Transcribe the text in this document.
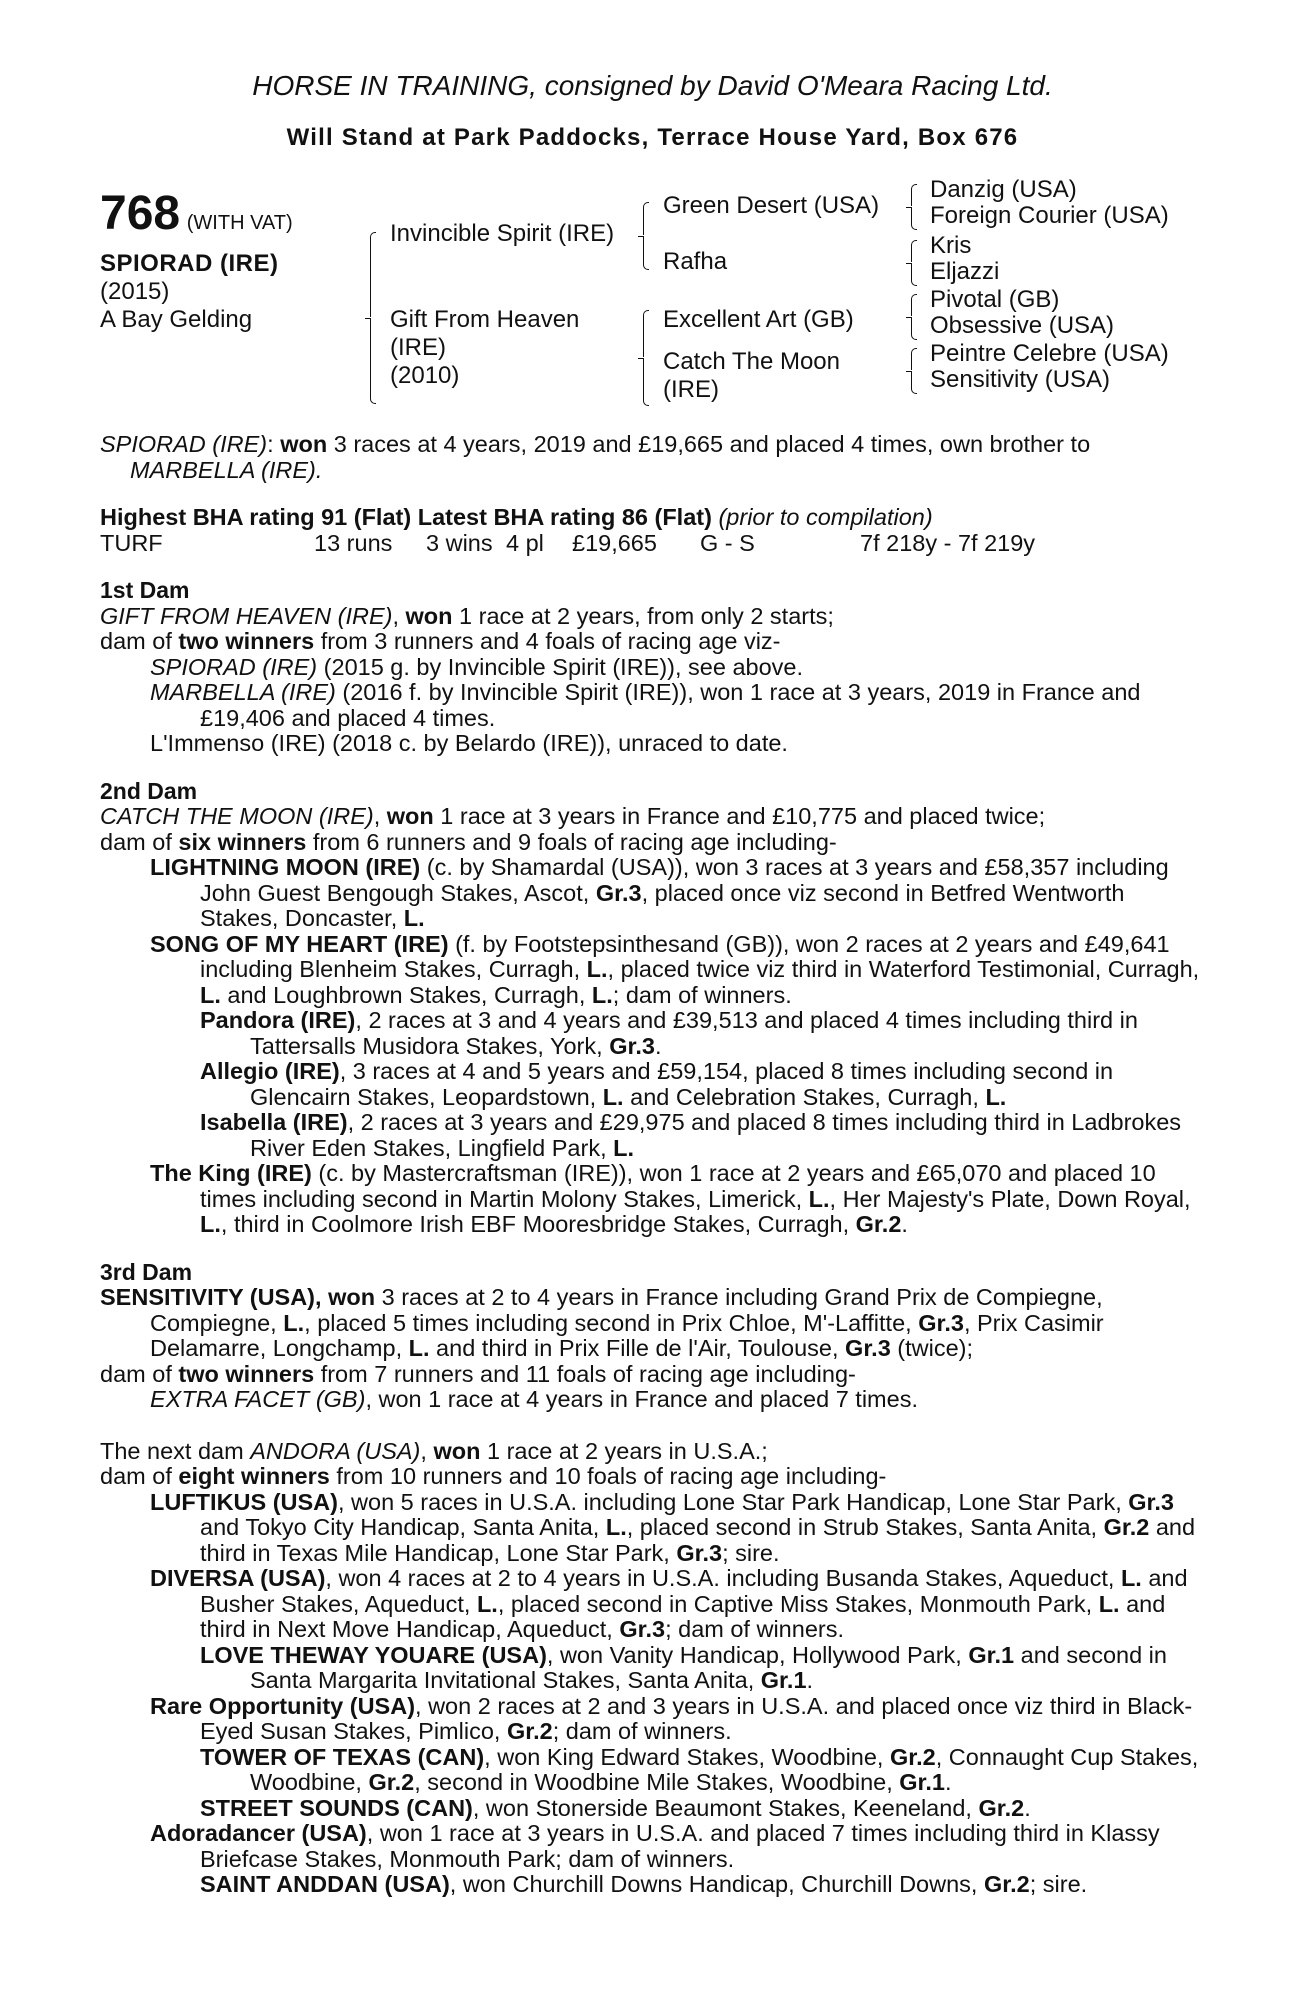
HORSE IN TRAINING, consigned by David O'Meara Racing Ltd.

Will Stand at Park Paddocks, Terrace House Yard, Box 676

768 (WITH VAT)
SPIORAD (IRE)
(2015)
A Bay Gelding
Invincible Spirit (IRE)
Gift From Heaven
(IRE)
(2010)
Green Desert (USA)
Rafha
Excellent Art (GB)
Catch The Moon
(IRE)
Danzig (USA)
Foreign Courier (USA)
Kris
Eljazzi
Pivotal (GB)
Obsessive (USA)
Peintre Celebre (USA)
Sensitivity (USA)

SPIORAD (IRE): won 3 races at 4 years, 2019 and £19,665 and placed 4 times, own brother to MARBELLA (IRE).

Highest BHA rating 91 (Flat) Latest BHA rating 86 (Flat) (prior to compilation)

TURF	13 runs	3 wins 4 pl	£19,665	G - S	7f 218y - 7f 219y

1st Dam

GIFT FROM HEAVEN (IRE), won 1 race at 2 years, from only 2 starts;

dam of two winners from 3 runners and 4 foals of racing age viz-

SPIORAD (IRE) (2015 g. by Invincible Spirit (IRE)), see above.

MARBELLA (IRE) (2016 f. by Invincible Spirit (IRE)), won 1 race at 3 years, 2019 in France and £19,406 and placed 4 times.

L'Immenso (IRE) (2018 c. by Belardo (IRE)), unraced to date.

2nd Dam

CATCH THE MOON (IRE), won 1 race at 3 years in France and £10,775 and placed twice;

dam of six winners from 6 runners and 9 foals of racing age including-

LIGHTNING MOON (IRE) (c. by Shamardal (USA)), won 3 races at 3 years and £58,357 including John Guest Bengough Stakes, Ascot, Gr.3, placed once viz second in Betfred Wentworth Stakes, Doncaster, L.

SONG OF MY HEART (IRE) (f. by Footstepsinthesand (GB)), won 2 races at 2 years and £49,641 including Blenheim Stakes, Curragh, L., placed twice viz third in Waterford Testimonial, Curragh, L. and Loughbrown Stakes, Curragh, L.; dam of winners.

Pandora (IRE), 2 races at 3 and 4 years and £39,513 and placed 4 times including third in Tattersalls Musidora Stakes, York, Gr.3.

Allegio (IRE), 3 races at 4 and 5 years and £59,154, placed 8 times including second in Glencairn Stakes, Leopardstown, L. and Celebration Stakes, Curragh, L.

Isabella (IRE), 2 races at 3 years and £29,975 and placed 8 times including third in Ladbrokes River Eden Stakes, Lingfield Park, L.

The King (IRE) (c. by Mastercraftsman (IRE)), won 1 race at 2 years and £65,070 and placed 10 times including second in Martin Molony Stakes, Limerick, L., Her Majesty's Plate, Down Royal, L., third in Coolmore Irish EBF Mooresbridge Stakes, Curragh, Gr.2.

3rd Dam

SENSITIVITY (USA), won 3 races at 2 to 4 years in France including Grand Prix de Compiegne, Compiegne, L., placed 5 times including second in Prix Chloe, M'-Laffitte, Gr.3, Prix Casimir Delamarre, Longchamp, L. and third in Prix Fille de l'Air, Toulouse, Gr.3 (twice);

dam of two winners from 7 runners and 11 foals of racing age including-

EXTRA FACET (GB), won 1 race at 4 years in France and placed 7 times.

The next dam ANDORA (USA), won 1 race at 2 years in U.S.A.;

dam of eight winners from 10 runners and 10 foals of racing age including-

LUFTIKUS (USA), won 5 races in U.S.A. including Lone Star Park Handicap, Lone Star Park, Gr.3 and Tokyo City Handicap, Santa Anita, L., placed second in Strub Stakes, Santa Anita, Gr.2 and third in Texas Mile Handicap, Lone Star Park, Gr.3; sire.

DIVERSA (USA), won 4 races at 2 to 4 years in U.S.A. including Busanda Stakes, Aqueduct, L. and Busher Stakes, Aqueduct, L., placed second in Captive Miss Stakes, Monmouth Park, L. and third in Next Move Handicap, Aqueduct, Gr.3; dam of winners.

LOVE THEWAY YOUARE (USA), won Vanity Handicap, Hollywood Park, Gr.1 and second in Santa Margarita Invitational Stakes, Santa Anita, Gr.1.

Rare Opportunity (USA), won 2 races at 2 and 3 years in U.S.A. and placed once viz third in Black-Eyed Susan Stakes, Pimlico, Gr.2; dam of winners.

TOWER OF TEXAS (CAN), won King Edward Stakes, Woodbine, Gr.2, Connaught Cup Stakes, Woodbine, Gr.2, second in Woodbine Mile Stakes, Woodbine, Gr.1.

STREET SOUNDS (CAN), won Stonerside Beaumont Stakes, Keeneland, Gr.2.

Adoradancer (USA), won 1 race at 3 years in U.S.A. and placed 7 times including third in Klassy Briefcase Stakes, Monmouth Park; dam of winners.

SAINT ANDDAN (USA), won Churchill Downs Handicap, Churchill Downs, Gr.2; sire.
